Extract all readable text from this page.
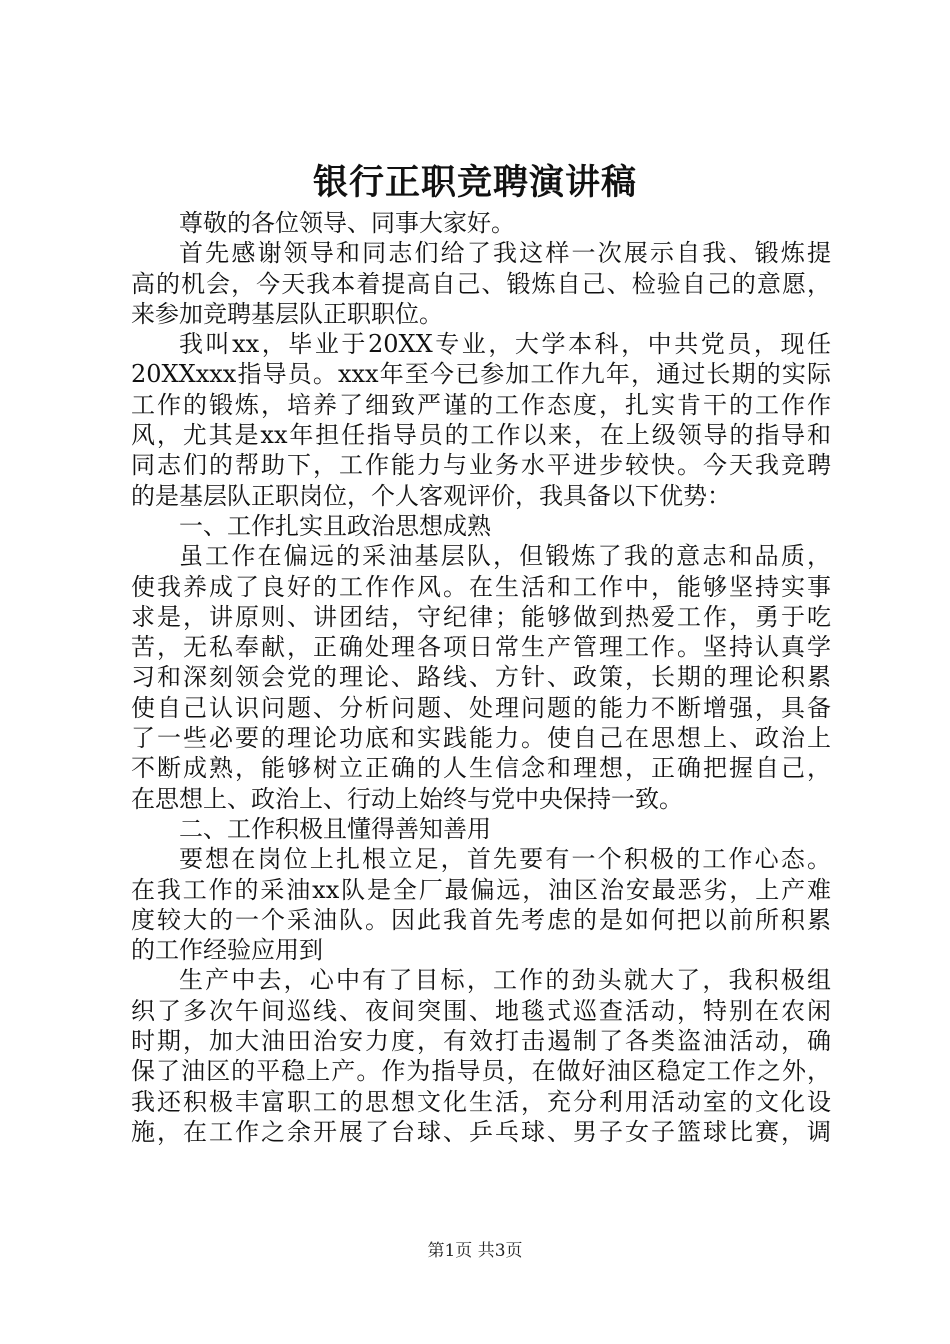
银行正职竞聘演讲稿
尊敬的各位领导、同事大家好。
首先感谢领导和同志们给了我这样一次展示自我、锻炼提
高的机会，今天我本着提高自己、锻炼自己、检验自己的意愿，
来参加竞聘基层队正职职位。
我叫xx，毕业于20XX专业，大学本科，中共党员，现任
20XXxxx指导员。xxx年至今已参加工作九年，通过长期的实际
工作的锻炼，培养了细致严谨的工作态度，扎实肯干的工作作
风，尤其是xx年担任指导员的工作以来，在上级领导的指导和
同志们的帮助下，工作能力与业务水平进步较快。今天我竞聘
的是基层队正职岗位，个人客观评价，我具备以下优势：
一、工作扎实且政治思想成熟
虽工作在偏远的采油基层队，但锻炼了我的意志和品质，
使我养成了良好的工作作风。在生活和工作中，能够坚持实事
求是，讲原则、讲团结，守纪律；能够做到热爱工作，勇于吃
苦，无私奉献，正确处理各项日常生产管理工作。坚持认真学
习和深刻领会党的理论、路线、方针、政策，长期的理论积累
使自己认识问题、分析问题、处理问题的能力不断增强，具备
了一些必要的理论功底和实践能力。使自己在思想上、政治上
不断成熟，能够树立正确的人生信念和理想，正确把握自己，
在思想上、政治上、行动上始终与党中央保持一致。
二、工作积极且懂得善知善用
要想在岗位上扎根立足，首先要有一个积极的工作心态。
在我工作的采油xx队是全厂最偏远，油区治安最恶劣，上产难
度较大的一个采油队。因此我首先考虑的是如何把以前所积累
的工作经验应用到
生产中去，心中有了目标，工作的劲头就大了，我积极组
织了多次午间巡线、夜间突围、地毯式巡查活动，特别在农闲
时期，加大油田治安力度，有效打击遏制了各类盗油活动，确
保了油区的平稳上产。作为指导员，在做好油区稳定工作之外，
我还积极丰富职工的思想文化生活，充分利用活动室的文化设
施，在工作之余开展了台球、乒乓球、男子女子篮球比赛，调
第1页 共3页
